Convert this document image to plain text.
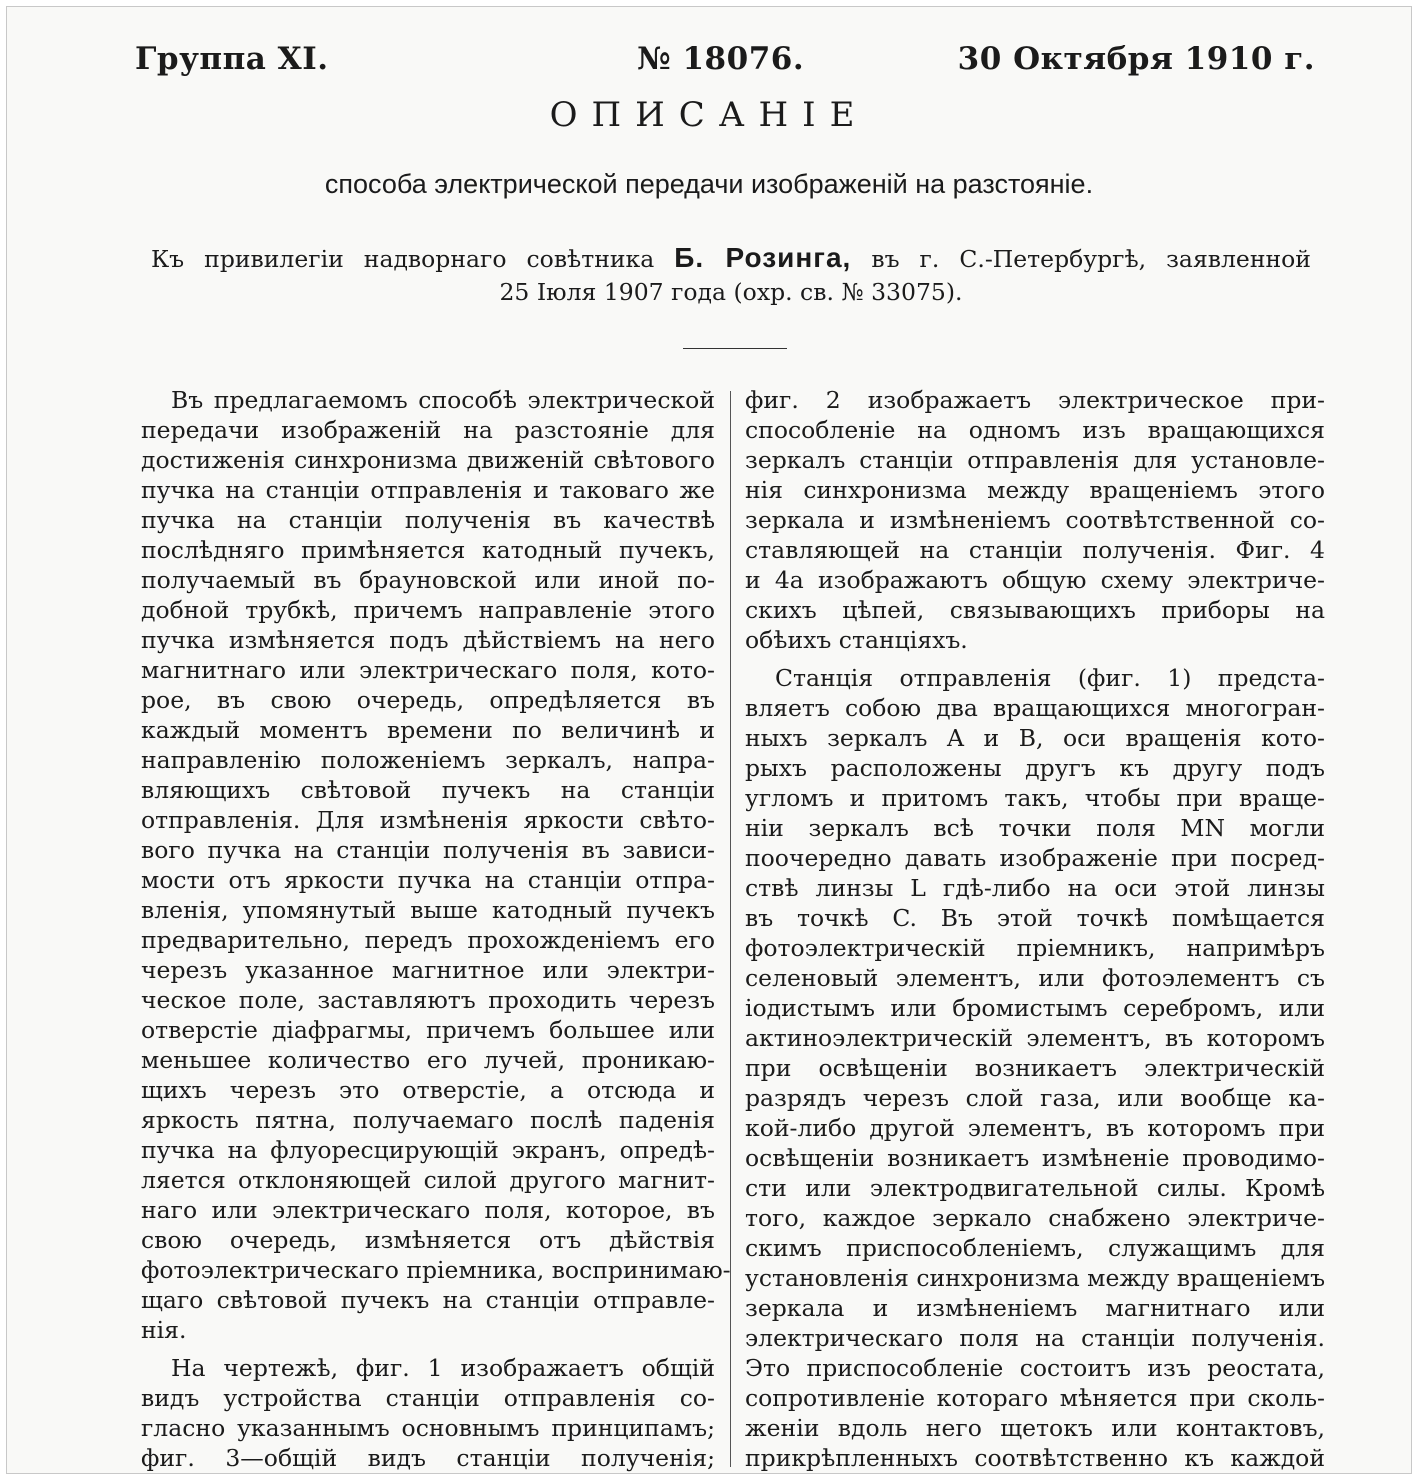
Группа XI.	№ 18076.	30 Октября 1910 г.
ОПИСАНІЕ
способа электрической передачи изображеній на разстояніе.
Къ привилегіи надворнаго совѣтника Б. Розинга, въ г. С.-Петербургѣ, заявленной
25 Іюля 1907 года (охр. св. № 33075).
Въ предлагаемомъ способѣ электрической
передачи изображеній на разстояніе для
достиженія синхронизма движеній свѣтового
пучка на станціи отправленія и таковаго же
пучка на станціи полученія въ качествѣ
послѣдняго примѣняется катодный пучекъ,
получаемый въ брауновской или иной по-
добной трубкѣ, причемъ направленіе этого
пучка измѣняется подъ дѣйствіемъ на него
магнитнаго или электрическаго поля, кото-
рое, въ свою очередь, опредѣляется въ
каждый моментъ времени по величинѣ и
направленію положеніемъ зеркалъ, напра-
вляющихъ свѣтовой пучекъ на станціи
отправленія. Для измѣненія яркости свѣто-
вого пучка на станціи полученія въ зависи-
мости отъ яркости пучка на станціи отпра-
вленія, упомянутый выше катодный пучекъ
предварительно, передъ прохожденіемъ его
черезъ указанное магнитное или электри-
ческое поле, заставляютъ проходить черезъ
отверстіе діафрагмы, причемъ большее или
меньшее количество его лучей, проникаю-
щихъ черезъ это отверстіе, а отсюда и
яркость пятна, получаемаго послѣ паденія
пучка на флуоресцирующій экранъ, опредѣ-
ляется отклоняющей силой другого магнит-
наго или электрическаго поля, которое, въ
свою очередь, измѣняется отъ дѣйствія
фотоэлектрическаго пріемника, воспринимаю-
щаго свѣтовой пучекъ на станціи отправле-
нія.
На чертежѣ, фиг. 1 изображаетъ общій
видъ устройства станціи отправленія со-
гласно указаннымъ основнымъ принципамъ;
фиг. 3—общій видъ станціи полученія;
фиг. 2 изображаетъ электрическое при-
способленіе на одномъ изъ вращающихся
зеркалъ станціи отправленія для установле-
нія синхронизма между вращеніемъ этого
зеркала и измѣненіемъ соотвѣтственной со-
ставляющей на станціи полученія. Фиг. 4
и 4а изображаютъ общую схему электриче-
скихъ цѣпей, связывающихъ приборы на
обѣихъ станціяхъ.
Станція отправленія (фиг. 1) предста-
вляетъ собою два вращающихся многогран-
ныхъ зеркалъ A и B, оси вращенія кото-
рыхъ расположены другъ къ другу подъ
угломъ и притомъ такъ, чтобы при враще-
ніи зеркалъ всѣ точки поля MN могли
поочередно давать изображеніе при посред-
ствѣ линзы L гдѣ-либо на оси этой линзы
въ точкѣ C. Въ этой точкѣ помѣщается
фотоэлектрическій пріемникъ, напримѣръ
селеновый элементъ, или фотоэлементъ съ
іодистымъ или бромистымъ серебромъ, или
актиноэлектрическій элементъ, въ которомъ
при освѣщеніи возникаетъ электрическій
разрядъ черезъ слой газа, или вообще ка-
кой-либо другой элементъ, въ которомъ при
освѣщеніи возникаетъ измѣненіе проводимо-
сти или электродвигательной силы. Кромѣ
того, каждое зеркало снабжено электриче-
скимъ приспособленіемъ, служащимъ для
установленія синхронизма между вращеніемъ
зеркала и измѣненіемъ магнитнаго или
электрическаго поля на станціи полученія.
Это приспособленіе состоитъ изъ реостата,
сопротивленіе котораго мѣняется при сколь-
женіи вдоль него щетокъ или контактовъ,
прикрѣпленныхъ соотвѣтственно къ каждой
